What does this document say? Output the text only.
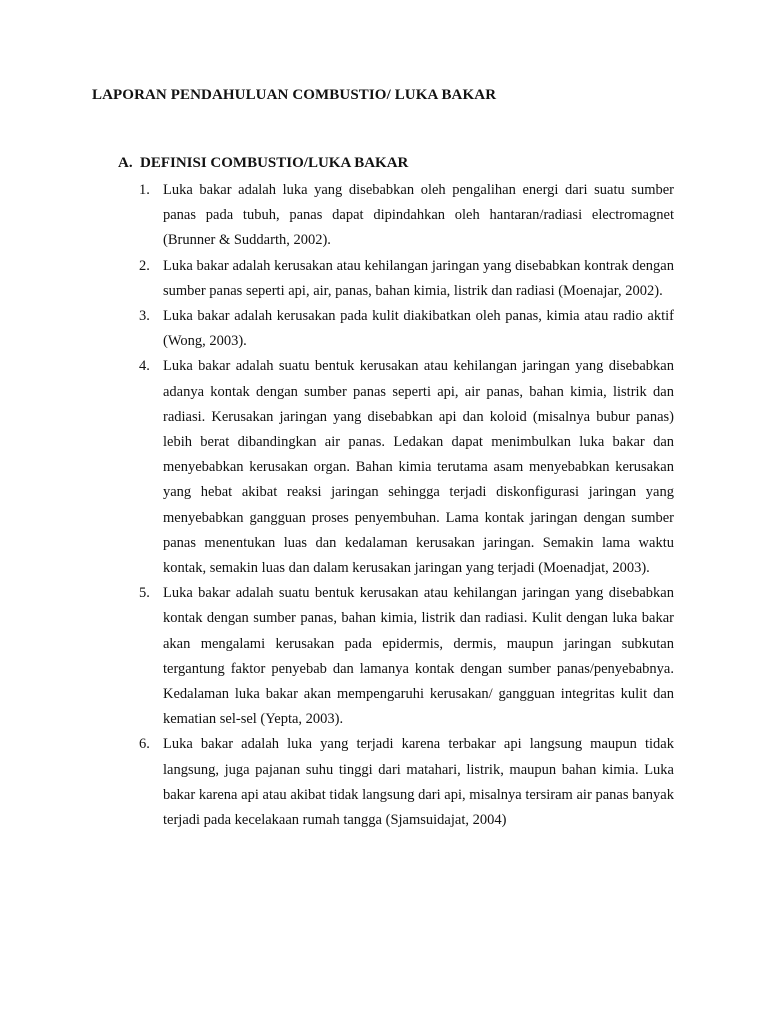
LAPORAN PENDAHULUAN COMBUSTIO/ LUKA BAKAR
A. DEFINISI COMBUSTIO/LUKA BAKAR
1. Luka bakar adalah luka yang disebabkan oleh pengalihan energi dari suatu sumber panas pada tubuh, panas dapat dipindahkan oleh hantaran/radiasi electromagnet (Brunner & Suddarth, 2002).
2. Luka bakar adalah kerusakan atau kehilangan jaringan yang disebabkan kontrak dengan sumber panas seperti api, air, panas, bahan kimia, listrik dan radiasi (Moenajar, 2002).
3. Luka bakar adalah kerusakan pada kulit diakibatkan oleh panas, kimia atau radio aktif (Wong, 2003).
4. Luka bakar adalah suatu bentuk kerusakan atau kehilangan jaringan yang disebabkan adanya kontak dengan sumber panas seperti api, air panas, bahan kimia, listrik dan radiasi. Kerusakan jaringan yang disebabkan api dan koloid (misalnya bubur panas) lebih berat dibandingkan air panas. Ledakan dapat menimbulkan luka bakar dan menyebabkan kerusakan organ. Bahan kimia terutama asam menyebabkan kerusakan yang hebat akibat reaksi jaringan sehingga terjadi diskonfigurasi jaringan yang menyebabkan gangguan proses penyembuhan. Lama kontak jaringan dengan sumber panas menentukan luas dan kedalaman kerusakan jaringan. Semakin lama waktu kontak, semakin luas dan dalam kerusakan jaringan yang terjadi (Moenadjat, 2003).
5. Luka bakar adalah suatu bentuk kerusakan atau kehilangan jaringan yang disebabkan kontak dengan sumber panas, bahan kimia, listrik dan radiasi. Kulit dengan luka bakar akan mengalami kerusakan pada epidermis, dermis, maupun jaringan subkutan tergantung faktor penyebab dan lamanya kontak dengan sumber panas/penyebabnya. Kedalaman luka bakar akan mempengaruhi kerusakan/ gangguan integritas kulit dan kematian sel-sel (Yepta, 2003).
6. Luka bakar adalah luka yang terjadi karena terbakar api langsung maupun tidak langsung, juga pajanan suhu tinggi dari matahari, listrik, maupun bahan kimia. Luka bakar karena api atau akibat tidak langsung dari api, misalnya tersiram air panas banyak terjadi pada kecelakaan rumah tangga (Sjamsuidajat, 2004)
